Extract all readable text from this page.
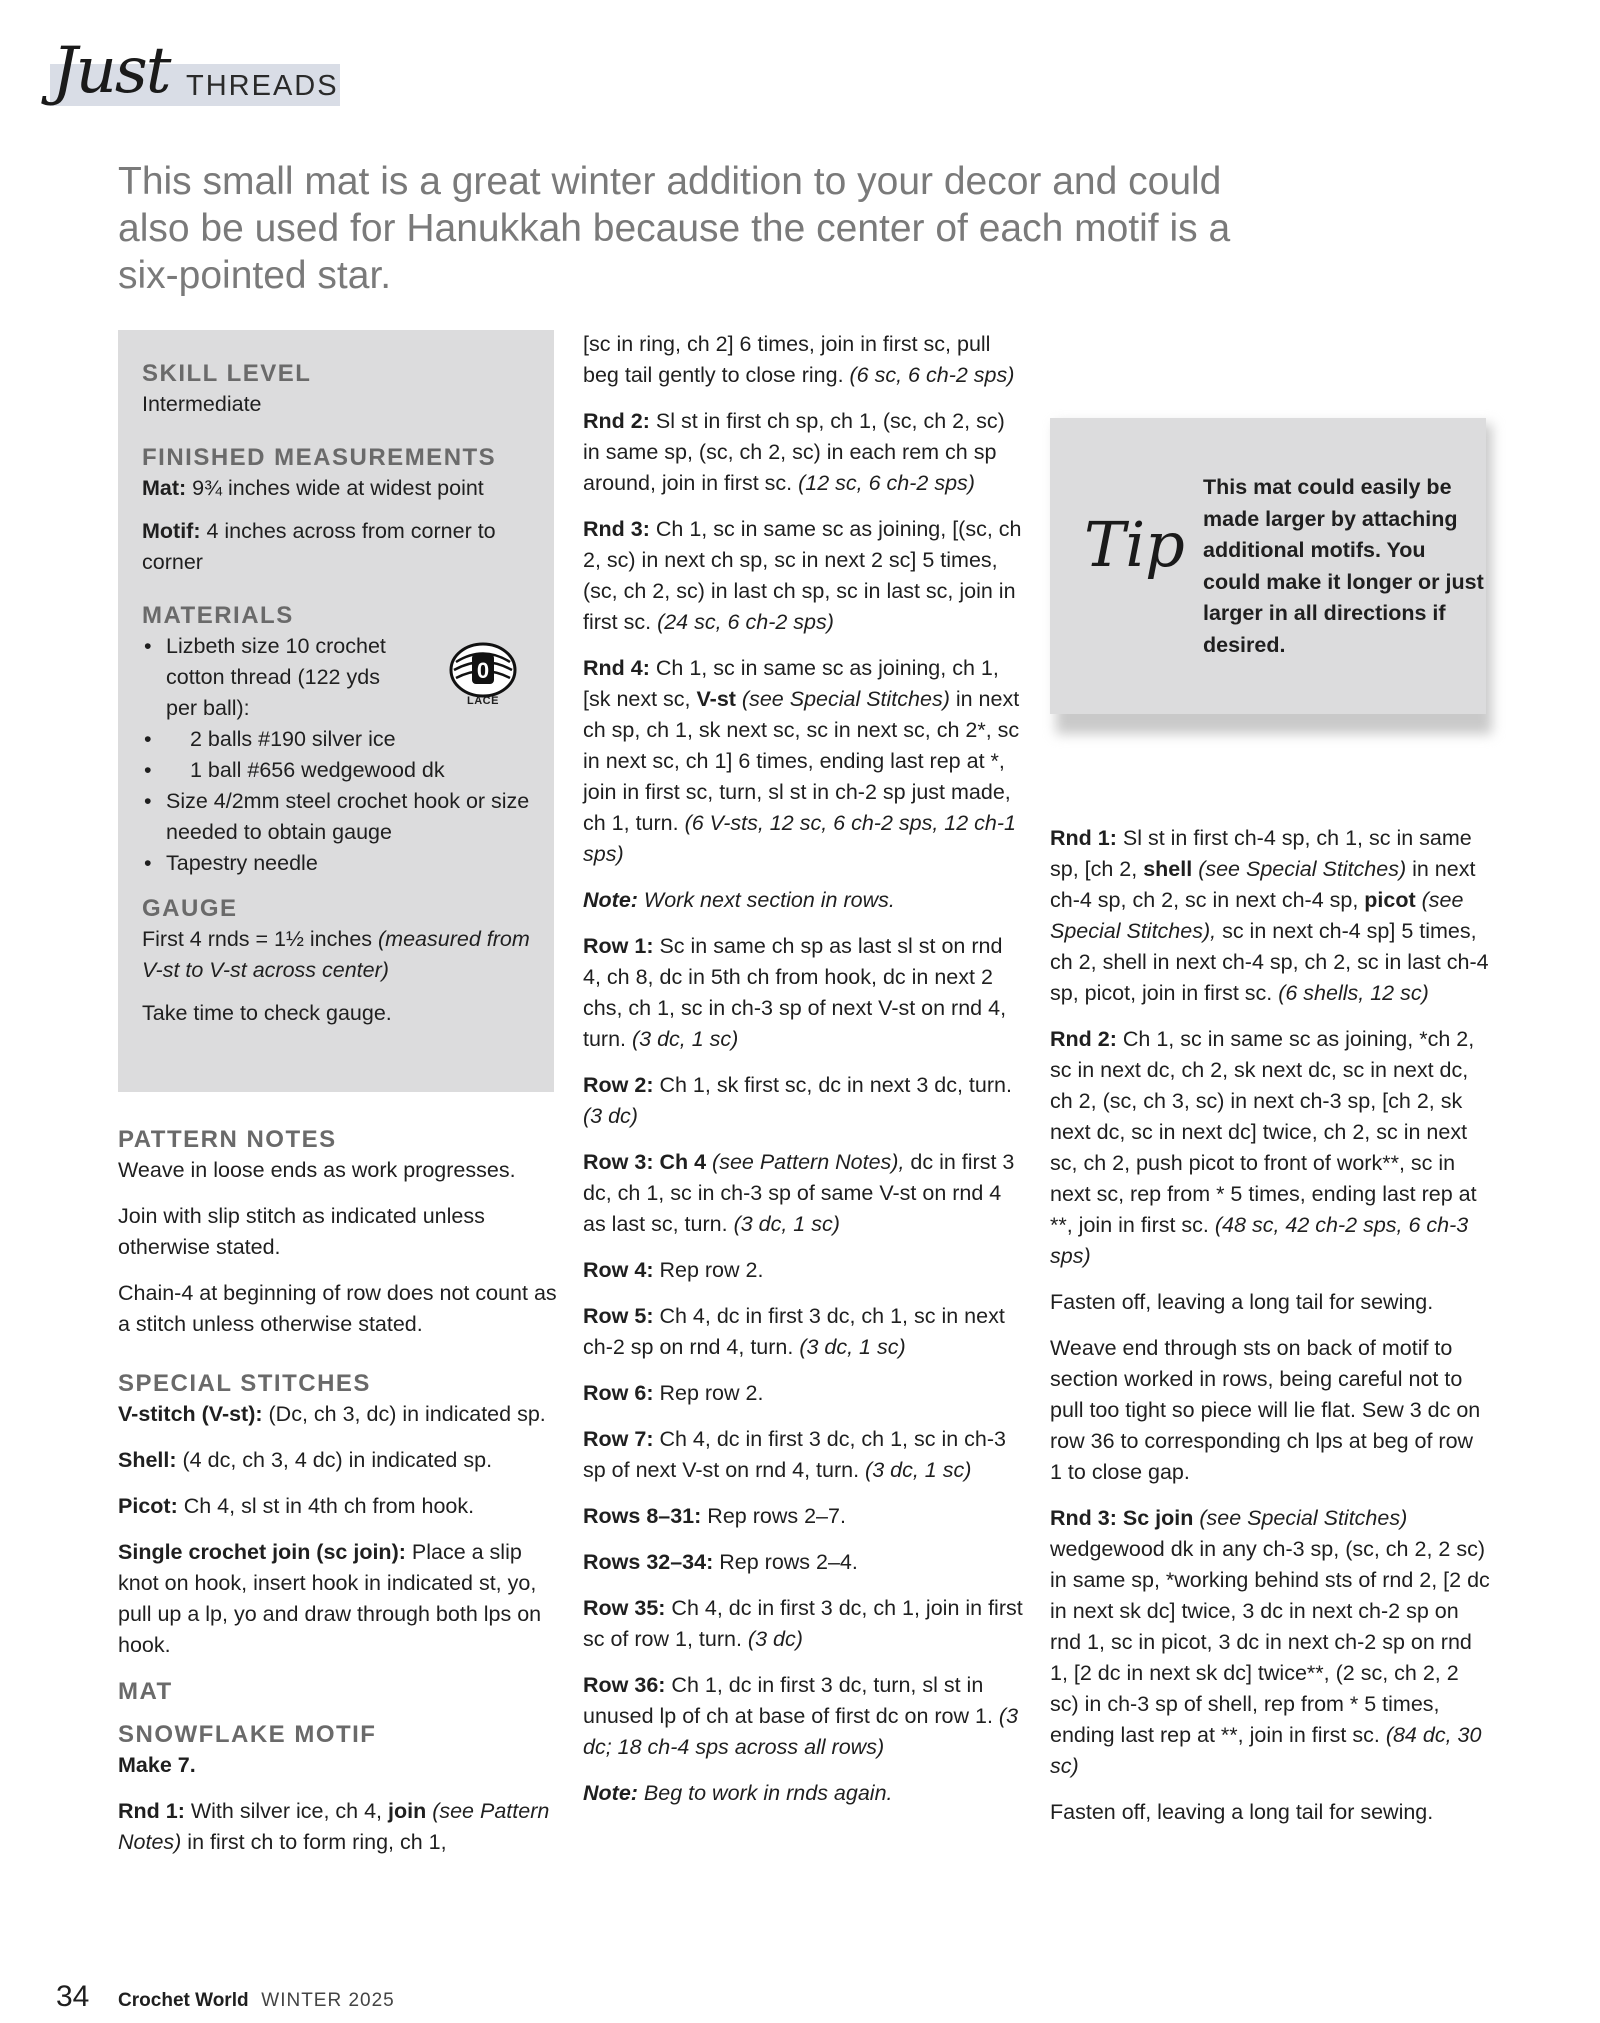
Just THREADS
This small mat is a great winter addition to your decor and could also be used for Hanukkah because the center of each motif is a six-pointed star.
SKILL LEVEL

Intermediate

FINISHED MEASUREMENTS

Mat: 9¾ inches wide at widest point

Motif: 4 inches across from corner to corner

MATERIALS
• Lizbeth size 10 crochet cotton thread (122 yds per ball):
• 2 balls #190 silver ice
• 1 ball #656 wedgewood dk
• Size 4/2mm steel crochet hook or size needed to obtain gauge
• Tapestry needle
GAUGE

First 4 rnds = 1½ inches (measured from V-st to V-st across center)

Take time to check gauge.

0
LACE
PATTERN NOTES

Weave in loose ends as work progresses.

Join with slip stitch as indicated unless otherwise stated.

Chain-4 at beginning of row does not count as a stitch unless otherwise stated.

SPECIAL STITCHES

V-stitch (V-st): (Dc, ch 3, dc) in indicated sp.

Shell: (4 dc, ch 3, 4 dc) in indicated sp.

Picot: Ch 4, sl st in 4th ch from hook.

Single crochet join (sc join): Place a slip knot on hook, insert hook in indicated st, yo, pull up a lp, yo and draw through both lps on hook.

MAT
SNOWFLAKE MOTIF

Make 7.

Rnd 1: With silver ice, ch 4, join (see Pattern Notes) in first ch to form ring, ch 1,

[sc in ring, ch 2] 6 times, join in first sc, pull beg tail gently to close ring. (6 sc, 6 ch-2 sps)

Rnd 2: Sl st in first ch sp, ch 1, (sc, ch 2, sc) in same sp, (sc, ch 2, sc) in each rem ch sp around, join in first sc. (12 sc, 6 ch-2 sps)

Rnd 3: Ch 1, sc in same sc as joining, [(sc, ch 2, sc) in next ch sp, sc in next 2 sc] 5 times, (sc, ch 2, sc) in last ch sp, sc in last sc, join in first sc. (24 sc, 6 ch-2 sps)

Rnd 4: Ch 1, sc in same sc as joining, ch 1, [sk next sc, V-st (see Special Stitches) in next ch sp, ch 1, sk next sc, sc in next sc, ch 2*, sc in next sc, ch 1] 6 times, ending last rep at *, join in first sc, turn, sl st in ch-2 sp just made, ch 1, turn. (6 V-sts, 12 sc, 6 ch-2 sps, 12 ch-1 sps)

Note: Work next section in rows.

Row 1: Sc in same ch sp as last sl st on rnd 4, ch 8, dc in 5th ch from hook, dc in next 2 chs, ch 1, sc in ch-3 sp of next V-st on rnd 4, turn. (3 dc, 1 sc)

Row 2: Ch 1, sk first sc, dc in next 3 dc, turn. (3 dc)

Row 3: Ch 4 (see Pattern Notes), dc in first 3 dc, ch 1, sc in ch-3 sp of same V-st on rnd 4 as last sc, turn. (3 dc, 1 sc)

Row 4: Rep row 2.

Row 5: Ch 4, dc in first 3 dc, ch 1, sc in next ch-2 sp on rnd 4, turn. (3 dc, 1 sc)

Row 6: Rep row 2.

Row 7: Ch 4, dc in first 3 dc, ch 1, sc in ch-3 sp of next V-st on rnd 4, turn. (3 dc, 1 sc)

Rows 8–31: Rep rows 2–7.

Rows 32–34: Rep rows 2–4.

Row 35: Ch 4, dc in first 3 dc, ch 1, join in first sc of row 1, turn. (3 dc)

Row 36: Ch 1, dc in first 3 dc, turn, sl st in unused lp of ch at base of first dc on row 1. (3 dc; 18 ch-4 sps across all rows)

Note: Beg to work in rnds again.

Tip
This mat could easily be made larger by attaching additional motifs. You could make it longer or just larger in all directions if desired.

Rnd 1: Sl st in first ch-4 sp, ch 1, sc in same sp, [ch 2, shell (see Special Stitches) in next ch-4 sp, ch 2, sc in next ch-4 sp, picot (see Special Stitches), sc in next ch-4 sp] 5 times, ch 2, shell in next ch-4 sp, ch 2, sc in last ch-4 sp, picot, join in first sc. (6 shells, 12 sc)

Rnd 2: Ch 1, sc in same sc as joining, *ch 2, sc in next dc, ch 2, sk next dc, sc in next dc, ch 2, (sc, ch 3, sc) in next ch-3 sp, [ch 2, sk next dc, sc in next dc] twice, ch 2, sc in next sc, ch 2, push picot to front of work**, sc in next sc, rep from * 5 times, ending last rep at **, join in first sc. (48 sc, 42 ch-2 sps, 6 ch-3 sps)

Fasten off, leaving a long tail for sewing.

Weave end through sts on back of motif to section worked in rows, being careful not to pull too tight so piece will lie flat. Sew 3 dc on row 36 to corresponding ch lps at beg of row 1 to close gap.

Rnd 3: Sc join (see Special Stitches) wedgewood dk in any ch-3 sp, (sc, ch 2, 2 sc) in same sp, *working behind sts of rnd 2, [2 dc in next sk dc] twice, 3 dc in next ch-2 sp on rnd 1, sc in picot, 3 dc in next ch-2 sp on rnd 1, [2 dc in next sk dc] twice**, (2 sc, ch 2, 2 sc) in ch-3 sp of shell, rep from * 5 times, ending last rep at **, join in first sc. (84 dc, 30 sc)

Fasten off, leaving a long tail for sewing.

34 Crochet World WINTER 2025
